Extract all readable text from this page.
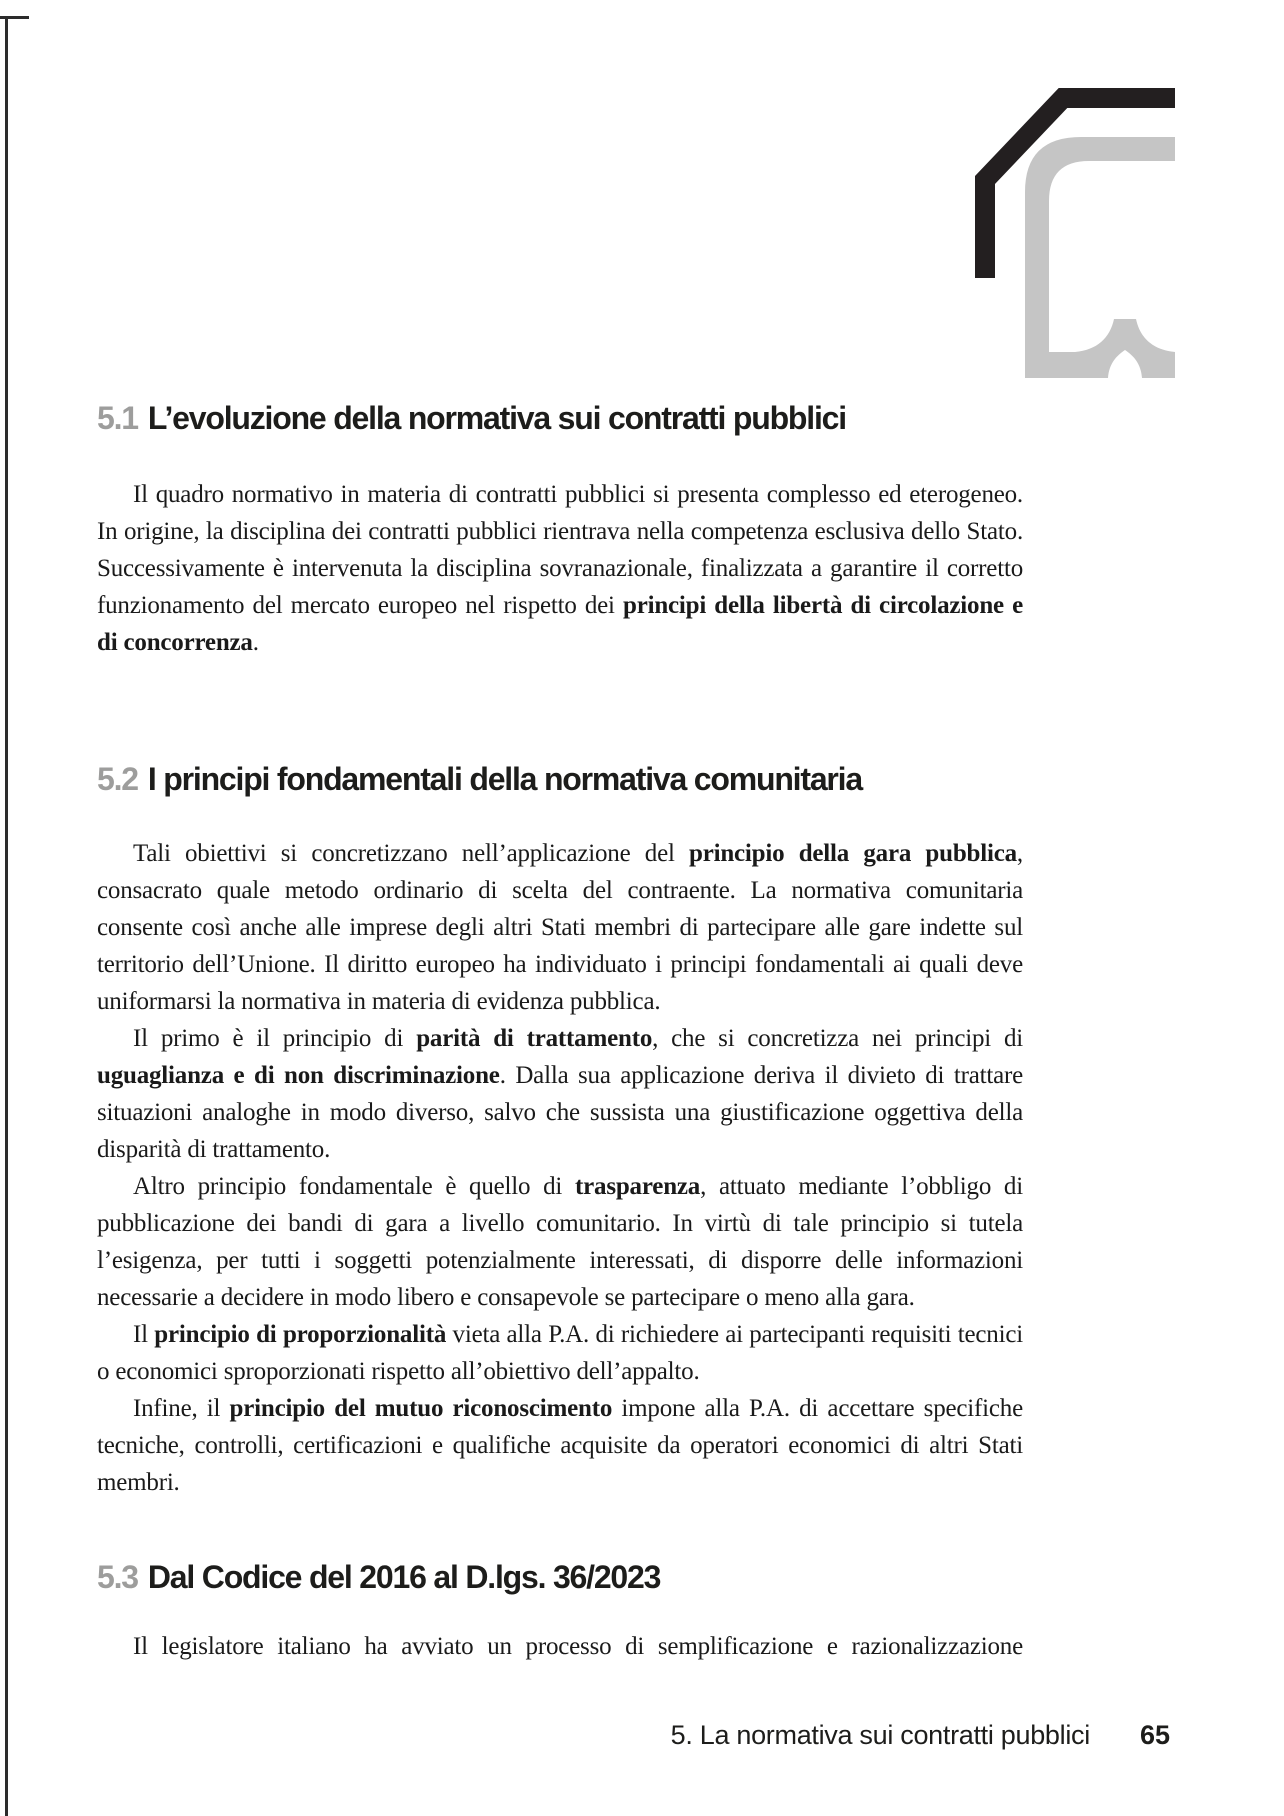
5.1 L’evoluzione della normativa sui contratti pubblici

Il quadro normativo in materia di contratti pubblici si presenta complesso ed eterogeneo. In origine, la disciplina dei contratti pubblici rientrava nella competenza esclusiva dello Stato. Successivamente è intervenuta la disciplina sovranazionale, finalizzata a garantire il corretto funzionamento del mercato europeo nel rispetto dei principi della libertà di circolazione e di concorrenza.

5.2 I principi fondamentali della normativa comunitaria

Tali obiettivi si concretizzano nell’applicazione del principio della gara pubblica, consacrato quale metodo ordinario di scelta del contraente. La normativa comunitaria consente così anche alle imprese degli altri Stati membri di partecipare alle gare indette sul territorio dell’Unione. Il diritto europeo ha individuato i principi fondamentali ai quali deve uniformarsi la normativa in materia di evidenza pubblica.

Il primo è il principio di parità di trattamento, che si concretizza nei principi di uguaglianza e di non discriminazione. Dalla sua applicazione deriva il divieto di trattare situazioni analoghe in modo diverso, salvo che sussista una giustificazione oggettiva della disparità di trattamento.

Altro principio fondamentale è quello di trasparenza, attuato mediante l’obbligo di pubblicazione dei bandi di gara a livello comunitario. In virtù di tale principio si tutela l’esigenza, per tutti i soggetti potenzialmente interessati, di disporre delle informazioni necessarie a decidere in modo libero e consapevole se partecipare o meno alla gara.

Il principio di proporzionalità vieta alla P.A. di richiedere ai partecipanti requisiti tecnici o economici sproporzionati rispetto all’obiettivo dell’appalto.

Infine, il principio del mutuo riconoscimento impone alla P.A. di accettare specifiche tecniche, controlli, certificazioni e qualifiche acquisite da operatori economici di altri Stati membri.

5.3 Dal Codice del 2016 al D.lgs. 36/2023

Il legislatore italiano ha avviato un processo di semplificazione e razionalizzazione

5. La normativa sui contratti pubblici 65
